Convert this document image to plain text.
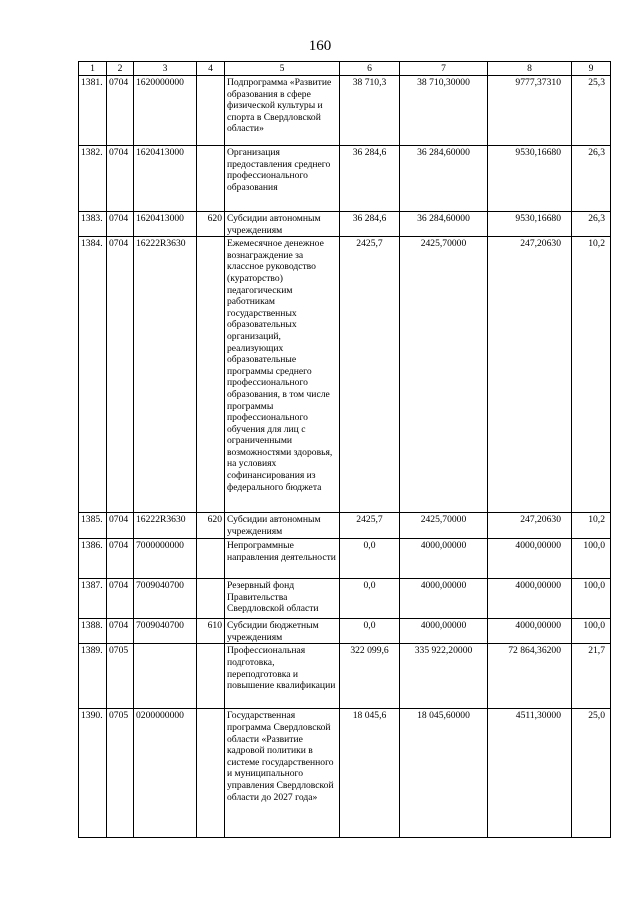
160
1	2	3	4	5	6	7	8	9
1381.	0704	1620000000		Подпрограмма «Развитие образования в сфере физической культуры и спорта в Свердловской области»	38 710,3	38 710,30000	9777,37310	25,3
1382.	0704	1620413000		Организация предоставления среднего профессионального образования	36 284,6	36 284,60000	9530,16680	26,3
1383.	0704	1620413000	620	Субсидии автономным учреждениям	36 284,6	36 284,60000	9530,16680	26,3
1384.	0704	16222R3630		Ежемесячное денежное вознаграждение за классное руководство (кураторство) педагогическим работникам государственных образовательных организаций, реализующих образовательные программы среднего профессионального образования, в том числе программы профессионального обучения для лиц с ограниченными возможностями здоровья, на условиях софинансирования из федерального бюджета	2425,7	2425,70000	247,20630	10,2
1385.	0704	16222R3630	620	Субсидии автономным учреждениям	2425,7	2425,70000	247,20630	10,2
1386.	0704	7000000000		Непрограммные направления деятельности	0,0	4000,00000	4000,00000	100,0
1387.	0704	7009040700		Резервный фонд Правительства Свердловской области	0,0	4000,00000	4000,00000	100,0
1388.	0704	7009040700	610	Субсидии бюджетным учреждениям	0,0	4000,00000	4000,00000	100,0
1389.	0705			Профессиональная подготовка, переподготовка и повышение квалификации	322 099,6	335 922,20000	72 864,36200	21,7
1390.	0705	0200000000		Государственная программа Свердловской области «Развитие кадровой политики в системе государственного и муниципального управления Свердловской области до 2027 года»	18 045,6	18 045,60000	4511,30000	25,0
